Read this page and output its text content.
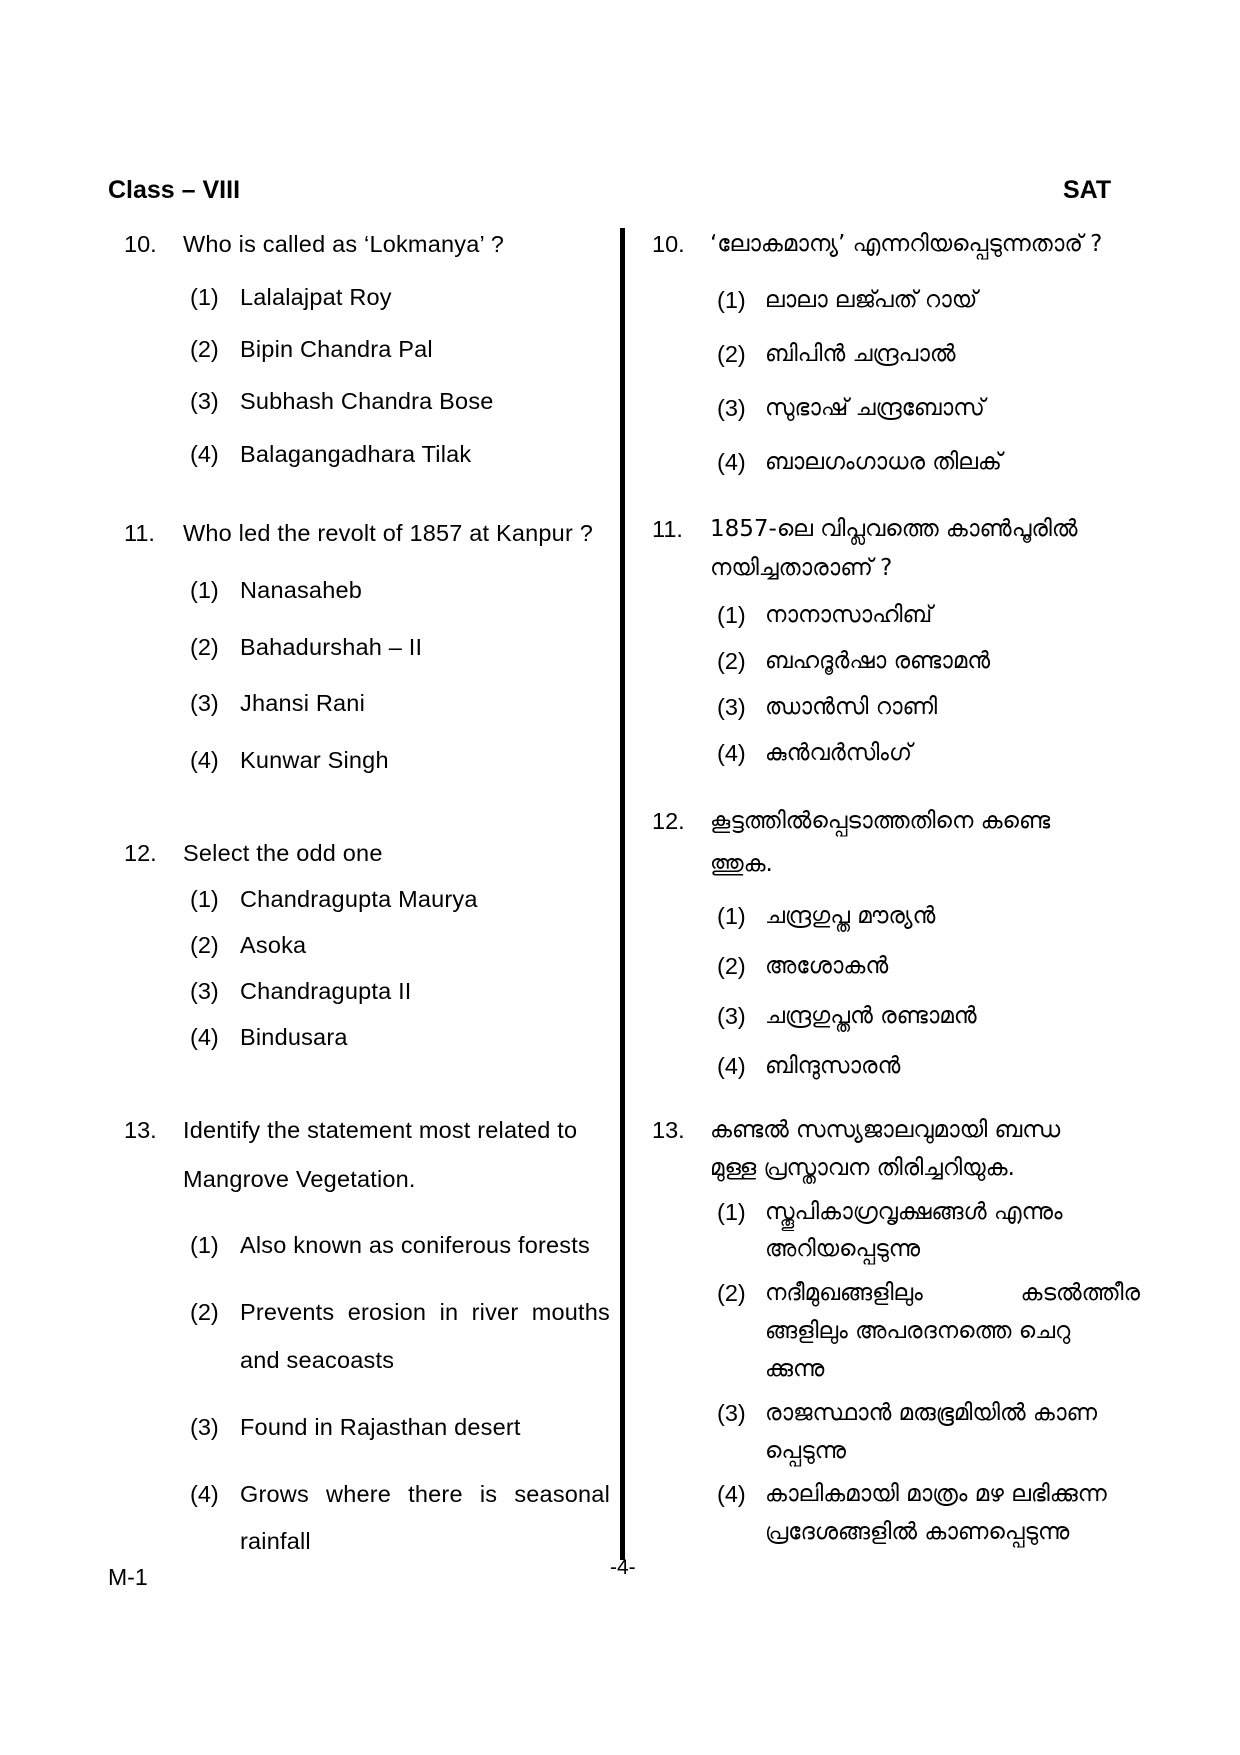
Class – VIII	SAT
10. Who is called as ‘Lokmanya’ ?
(1) Lalalajpat Roy
(2) Bipin Chandra Pal
(3) Subhash Chandra Bose
(4) Balagangadhara Tilak
11. Who led the revolt of 1857 at Kanpur ?
(1) Nanasaheb
(2) Bahadurshah – II
(3) Jhansi Rani
(4) Kunwar Singh
12. Select the odd one
(1) Chandragupta Maurya
(2) Asoka
(3) Chandragupta II
(4) Bindusara
13. Identify the statement most related to
Mangrove Vegetation.
(1) Also known as coniferous forests
(2) Prevents erosion in river mouths
and seacoasts
(3) Found in Rajasthan desert
(4) Grows where there is seasonal
rainfall
10. ‘ലോകമാന്യ’ എന്നറിയപ്പെടുന്നതാര് ?
(1) ലാലാ ലജ്പത് റായ്
(2) ബിപിൻ ചന്ദ്രപാൽ
(3) സുഭാഷ് ചന്ദ്രബോസ്
(4) ബാലഗംഗാധര തിലക്
11. 1857-ലെ വിപ്ലവത്തെ കാൺപൂരിൽ
നയിച്ചതാരാണ് ?
(1) നാനാസാഹിബ്
(2) ബഹദൂർഷാ രണ്ടാമൻ
(3) ഝാൻസി റാണി
(4) കുൻവർസിംഗ്
12. കൂട്ടത്തിൽപ്പെടാത്തതിനെ കണ്ടെ
ത്തുക.
(1) ചന്ദ്രഗുപ്ത മൗര്യൻ
(2) അശോകൻ
(3) ചന്ദ്രഗുപ്തൻ രണ്ടാമൻ
(4) ബിന്ദുസാരൻ
13. കണ്ടൽ സസ്യജാലവുമായി ബന്ധ
മുള്ള പ്രസ്താവന തിരിച്ചറിയുക.
(1) സ്തൂപികാഗ്രവൃക്ഷങ്ങൾ എന്നും
അറിയപ്പെടുന്നു
(2) നദീമുഖങ്ങളിലും കടൽത്തീര
ങ്ങളിലും അപരദനത്തെ ചെറു
ക്കുന്നു
(3) രാജസ്ഥാൻ മരുഭൂമിയിൽ കാണ
പ്പെടുന്നു
(4) കാലികമായി മാത്രം മഴ ലഭിക്കുന്ന
പ്രദേശങ്ങളിൽ കാണപ്പെടുന്നു
M-1	-4-
